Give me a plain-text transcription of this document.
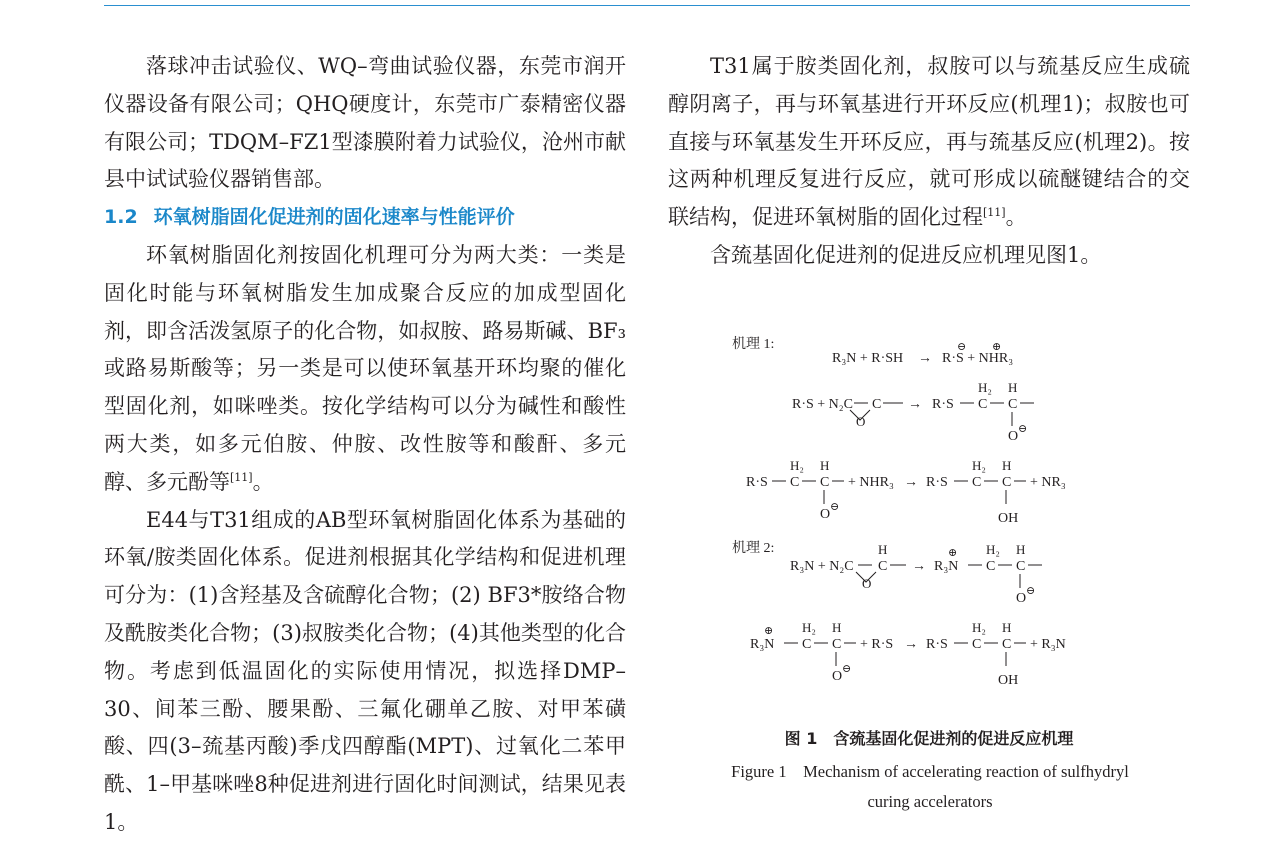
落球冲击试验仪、WQ–弯曲试验仪器，东莞市润开仪器设备有限公司；QHQ硬度计，东莞市广泰精密仪器有限公司；TDQM–FZ1型漆膜附着力试验仪，沧州市献县中试试验仪器销售部。

1.2 环氧树脂固化促进剂的固化速率与性能评价

环氧树脂固化剂按固化机理可分为两大类：一类是固化时能与环氧树脂发生加成聚合反应的加成型固化剂，即含活泼氢原子的化合物，如叔胺、路易斯碱、BF₃或路易斯酸等；另一类是可以使环氧基开环均聚的催化型固化剂，如咪唑类。按化学结构可以分为碱性和酸性两大类，如多元伯胺、仲胺、改性胺等和酸酐、多元醇、多元酚等[11]。

E44与T31组成的AB型环氧树脂固化体系为基础的环氧/胺类固化体系。促进剂根据其化学结构和促进机理可分为：(1)含羟基及含硫醇化合物；(2) BF3*胺络合物及酰胺类化合物；(3)叔胺类化合物；(4)其他类型的化合物。考虑到低温固化的实际使用情况，拟选择DMP–30、间苯三酚、腰果酚、三氟化硼单乙胺、对甲苯磺酸、四(3–巯基丙酸)季戊四醇酯(MPT)、过氧化二苯甲酰、1–甲基咪唑8种促进剂进行固化时间测试，结果见表1。

T31属于胺类固化剂，叔胺可以与巯基反应生成硫醇阴离子，再与环氧基进行开环反应(机理1)；叔胺也可直接与环氧基发生开环反应，再与巯基反应(机理2)。按这两种机理反复进行反应，就可形成以硫醚键结合的交联结构，促进环氧树脂的固化过程[11]。

含巯基固化促进剂的促进反应机理见图1。

机理 1:
R₃N + R·SH → R·S + NHR₃
⊖ ⊕
R·S + N₂C
O
C → R·S C
H₂
C
H
O ⊖
R·S C
H₂
C
H
O ⊖
+ NHR₃ → R·S C
H₂
C
H
OH
+ NR₃
机理 2:
R₃N + N₂C
O
C
H
→ R₃N
⊕
C
H₂
C
H
O ⊖
R₃N
⊕
C
H₂
C
H
O ⊖
+ R·S → R·S C
H₂
C
H
OH
+ R₃N
图 1　含巯基固化促进剂的促进反应机理
Figure 1　Mechanism of accelerating reaction of sulfhydryl
curing accelerators
